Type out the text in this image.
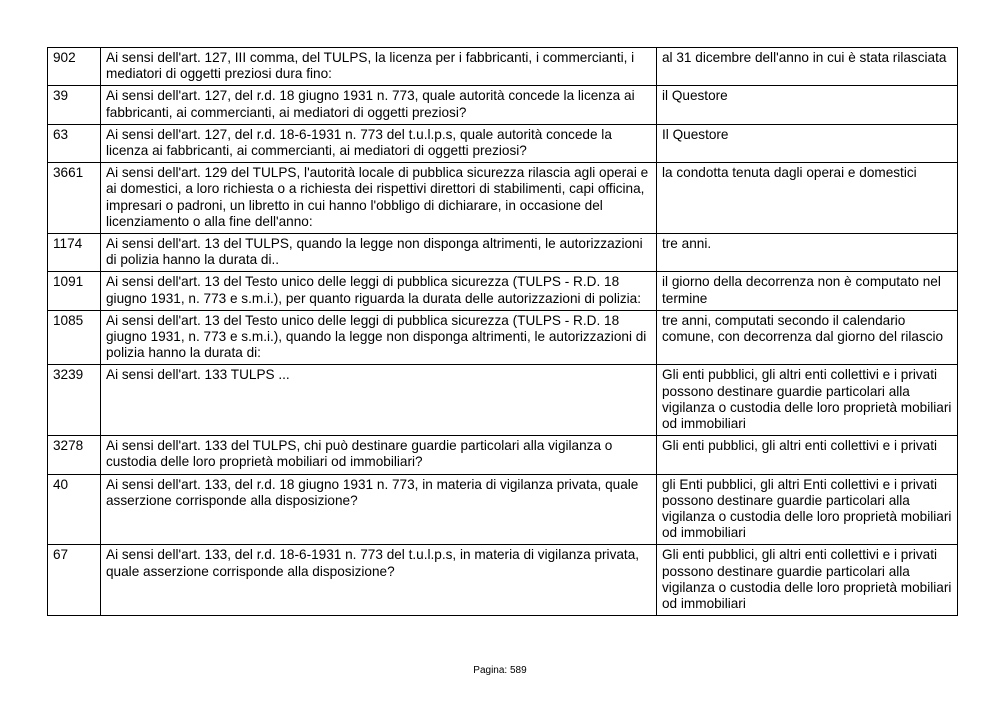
902	Ai sensi dell'art. 127, III comma, del TULPS, la licenza per i fabbricanti, i commercianti, i mediatori di oggetti preziosi dura fino:	al 31 dicembre dell'anno in cui è stata rilasciata
39	Ai sensi dell'art. 127, del r.d. 18 giugno 1931 n. 773, quale autorità concede la licenza ai fabbricanti, ai commercianti, ai mediatori di oggetti preziosi?	il Questore
63	Ai sensi dell'art. 127, del r.d. 18-6-1931 n. 773 del t.u.l.p.s, quale autorità concede la licenza ai fabbricanti, ai commercianti, ai mediatori di oggetti preziosi?	Il Questore
3661	Ai sensi dell'art. 129 del TULPS, l'autorità locale di pubblica sicurezza rilascia agli operai e ai domestici, a loro richiesta o a richiesta dei rispettivi direttori di stabilimenti, capi officina, impresari o padroni, un libretto in cui hanno l'obbligo di dichiarare, in occasione del licenziamento o alla fine dell'anno:	la condotta tenuta dagli operai e domestici
1174	Ai sensi dell'art. 13 del TULPS, quando la legge non disponga altrimenti, le autorizzazioni di polizia hanno la durata di..	tre anni.
1091	Ai sensi dell'art. 13 del Testo unico delle leggi di pubblica sicurezza (TULPS - R.D. 18 giugno 1931, n. 773 e s.m.i.), per quanto riguarda la durata delle autorizzazioni di polizia:	il giorno della decorrenza non è computato nel termine
1085	Ai sensi dell'art. 13 del Testo unico delle leggi di pubblica sicurezza (TULPS - R.D. 18 giugno 1931, n. 773 e s.m.i.), quando la legge non disponga altrimenti, le autorizzazioni di polizia hanno la durata di:	tre anni, computati secondo il calendario comune, con decorrenza dal giorno del rilascio
3239	Ai sensi dell'art. 133 TULPS ...	Gli enti pubblici, gli altri enti collettivi e i privati possono destinare guardie particolari alla vigilanza o custodia delle loro proprietà mobiliari od immobiliari
3278	Ai sensi dell'art. 133 del TULPS, chi può destinare guardie particolari alla vigilanza o custodia delle loro proprietà mobiliari od immobiliari?	Gli enti pubblici, gli altri enti collettivi e i privati
40	Ai sensi dell'art. 133, del r.d. 18 giugno 1931 n. 773, in materia di vigilanza privata, quale asserzione corrisponde alla disposizione?	gli Enti pubblici, gli altri Enti collettivi e i privati possono destinare guardie particolari alla vigilanza o custodia delle loro proprietà mobiliari od immobiliari
67	Ai sensi dell'art. 133, del r.d. 18-6-1931 n. 773 del t.u.l.p.s, in materia di vigilanza privata, quale asserzione corrisponde alla disposizione?	Gli enti pubblici, gli altri enti collettivi e i privati possono destinare guardie particolari alla vigilanza o custodia delle loro proprietà mobiliari od immobiliari
Pagina: 589
